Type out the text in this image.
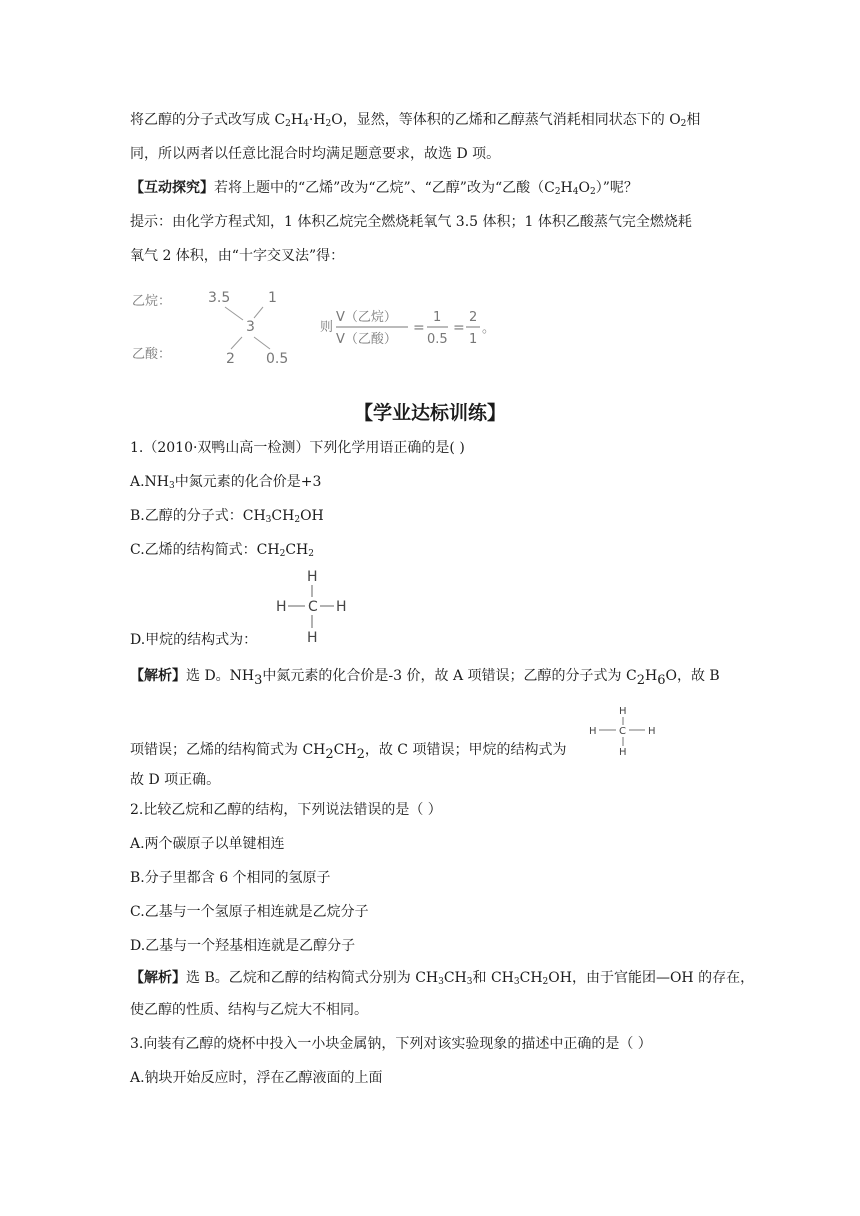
将乙醇的分子式改写成 $C_2H_4\cdot H_2O$，显然，等体积的乙烯和乙醇蒸气消耗相同状态下的 $O_2$相
同，所以两者以任意比混合时均满足题意要求，故选 D 项。
【互动探究】若将上题中的“乙烯”改为“乙烷”、“乙醇”改为“乙酸$(C_2H_4O_2)$”呢？
提示：由化学方程式知，1 体积乙烷完全燃烧耗氧气 3.5 体积；1 体积乙酸蒸气完全燃烧耗
氧气 2 体积，由“十字交叉法”得：
乙烷：
乙酸：
3.5	1
3
2 0.5
则
V（乙烷）
V（乙酸）
=
1
0.5
=
2
1
。
【学业达标训练】
1.（2010·双鸭山高一检测）下列化学用语正确的是( )
$A.NH_3$中氮元素的化合价是+3
B.乙醇的分子式：$CH_3CH_2OH$
C.乙烯的结构简式：$CH_2CH_2$
H
H C H
H
D.甲烷的结构式为：
【解析】选 D。NH3中氮元素的化合价是-3 价，故 A 项错误；乙醇的分子式为 C2H6O，故 B
项错误；乙烯的结构简式为 CH2CH2，故 C 项错误；甲烷的结构式为
H
H C H
H
故 D 项正确。
2.比较乙烷和乙醇的结构，下列说法错误的是（ ）
A.两个碳原子以单键相连
B.分子里都含 6 个相同的氢原子
C.乙基与一个氢原子相连就是乙烷分子
D.乙基与一个羟基相连就是乙醇分子
【解析】选 B。乙烷和乙醇的结构简式分别为 $CH_3CH_3$和 $CH_3CH_2OH$，由于官能团—OH 的存在，
使乙醇的性质、结构与乙烷大不相同。
3.向装有乙醇的烧杯中投入一小块金属钠，下列对该实验现象的描述中正确的是（ ）
A.钠块开始反应时，浮在乙醇液面的上面
